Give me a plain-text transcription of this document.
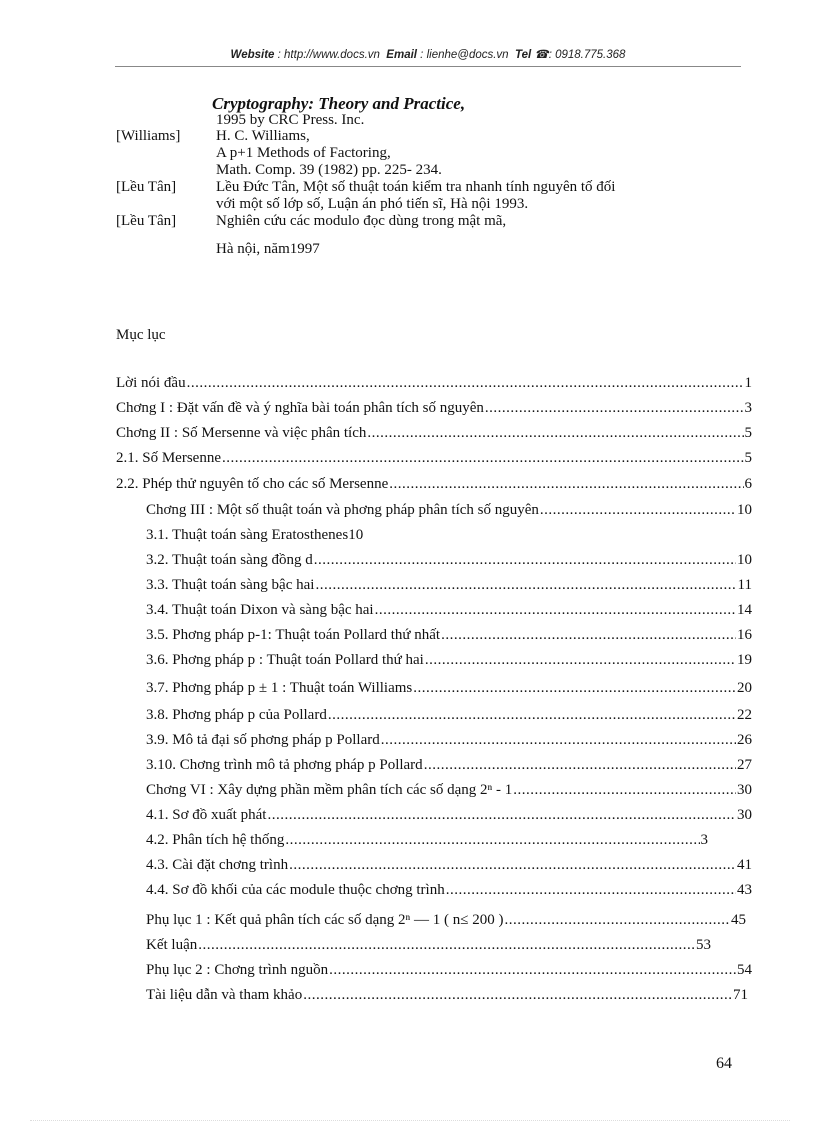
Website : http://www.docs.vn Email : lienhe@docs.vn Tel ☎: 0918.775.368
Cryptography: Theory and Practice,
1995 by CRC Press. Inc.
[Williams] H. C. Williams,
A p+1 Methods of Factoring,
Math. Comp. 39 (1982) pp. 225- 234.
[Lều Tân]	Lều Đức Tân, Một số thuật toán kiểm tra nhanh tính nguyên tố đối
với một số lớp số, Luận án phó tiến sĩ, Hà nội 1993.
[Lều Tân]	Nghiên cứu các modulo đọc dùng trong mật mã,
Hà nội, năm1997
Mục lục
Lời nói đầu .....	1
Chơng I : Đặt vấn đề và ý nghĩa bài toán phân tích số nguyên .....	3
Chơng II : Số Mersenne và việc phân tích .....	5
2.1. Số Mersenne .....	5
2.2. Phép thử nguyên tố cho các số Mersenne .....	6
Chơng III : Một số thuật toán và phơng pháp phân tích số nguyên .....	10
3.1. Thuật toán sàng Eratosthenes 10
3.2. Thuật toán sàng đồng d .....	10
3.3. Thuật toán sàng bậc hai .....	11
3.4. Thuật toán Dixon và sàng bậc hai .....	14
3.5. Phơng pháp p-1: Thuật toán Pollard thứ nhất .....	16
3.6. Phơng pháp p : Thuật toán Pollard thứ hai .....	19
3.7. Phơng pháp p ± 1 : Thuật toán Williams .....	20
3.8. Phơng pháp p của Pollard .....	22
3.9. Mô tả đại số phơng pháp p Pollard .....	26
3.10. Chơng trình mô tả phơng pháp p Pollard .....	27
Chơng VI : Xây dựng phần mềm phân tích các số dạng 2ⁿ - 1 .....	30
4.1. Sơ đồ xuất phát .....	30
4.2. Phân tích hệ thống .....	3
4.3. Cài đặt chơng trình .....	41
4.4. Sơ đồ khối của các module thuộc chơng trình .....	43
Phụ lục 1 : Kết quả phân tích các số dạng 2ⁿ — 1 ( n≤ 200 ) .....	45
Kết luận .....	53
Phụ lục 2 : Chơng trình nguồn .....	54
Tài liệu dẫn và tham khảo .....	71
64
